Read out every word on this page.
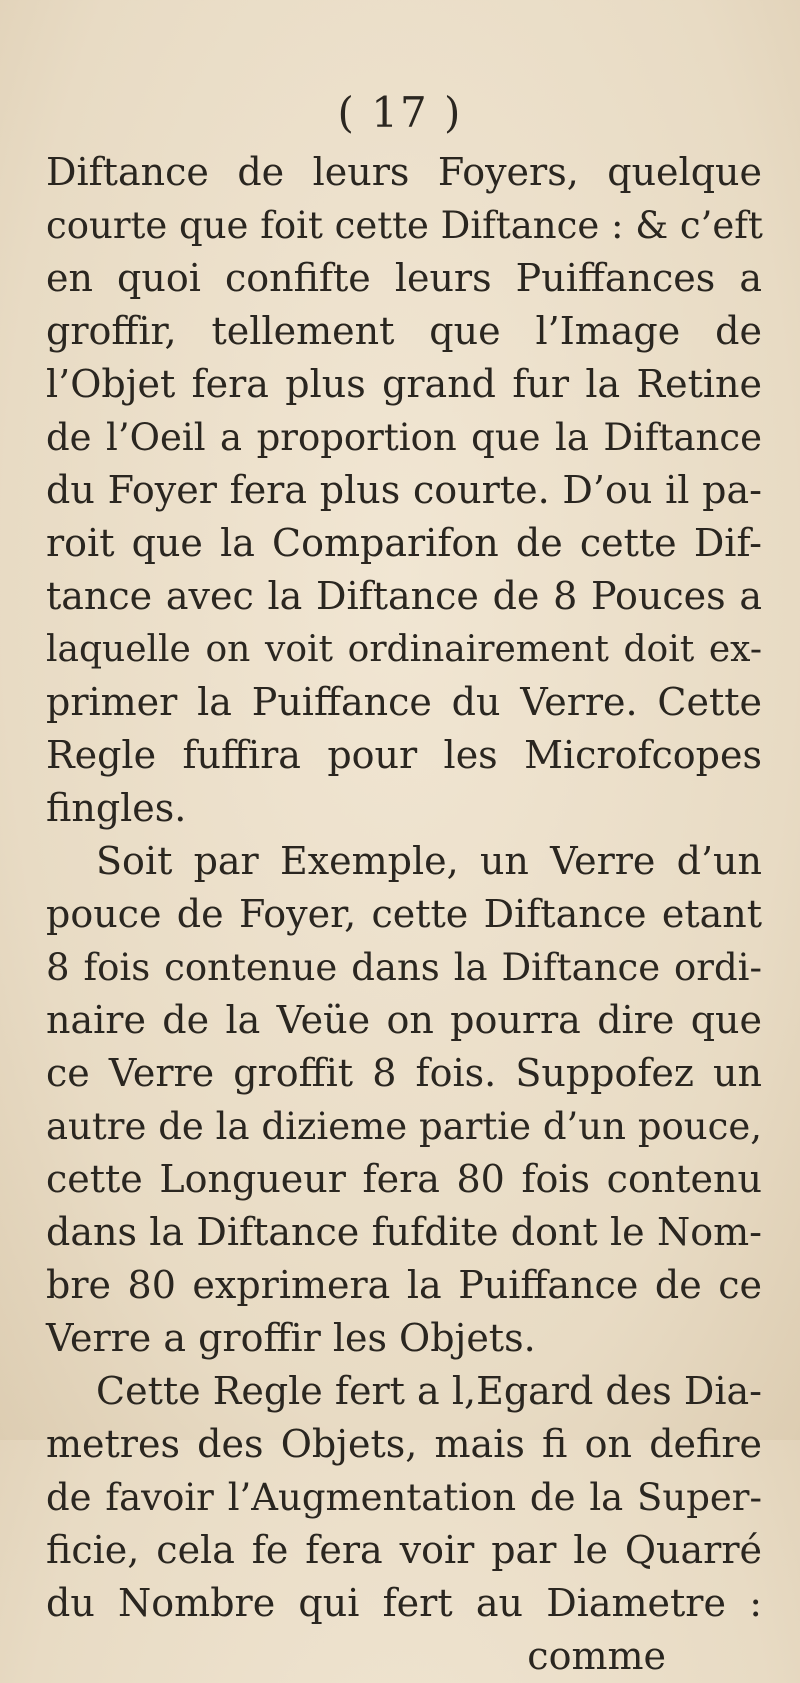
( 17 )
Diftance de leurs Foyers, quelque
courte que foit cette Diftance : & c’eft
en quoi confifte leurs Puiffances a
groffir, tellement que l’Image de
l’Objet fera plus grand fur la Retine
de l’Oeil a proportion que la Diftance
du Foyer fera plus courte. D’ou il pa-
roit que la Comparifon de cette Dif-
tance avec la Diftance de 8 Pouces a
laquelle on voit ordinairement doit ex-
primer la Puiffance du Verre. Cette
Regle fuffira pour les Microfcopes
fingles.
Soit par Exemple, un Verre d’un
pouce de Foyer, cette Diftance etant
8 fois contenue dans la Diftance ordi-
naire de la Veüe on pourra dire que
ce Verre groffit 8 fois. Suppofez un
autre de la dizieme partie d’un pouce,
cette Longueur fera 80 fois contenu
dans la Diftance fufdite dont le Nom-
bre 80 exprimera la Puiffance de ce
Verre a groffir les Objets.
Cette Regle fert a l,Egard des Dia-
metres des Objets, mais fi on defire
de favoir l’Augmentation de la Super-
ficie, cela fe fera voir par le Quarré
du Nombre qui fert au Diametre :
comme
